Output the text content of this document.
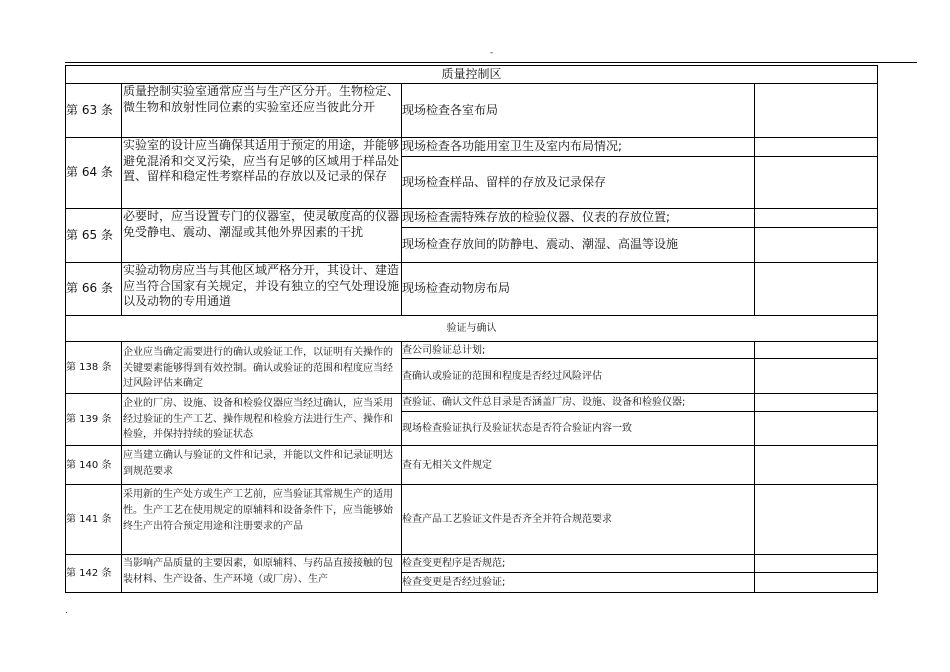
-
质量控制区
第 63 条
质量控制实验室通常应当与生产区分开。生物检定、微生物和放射性同位素的实验室还应当彼此分开	现场检查各室布局
第 64 条
实验室的设计应当确保其适用于预定的用途，并能够避免混淆和交叉污染，应当有足够的区域用于样品处置、留样和稳定性考察样品的存放以及记录的保存
现场检查各功能用室卫生及室内布局情况;
现场检查样品、留样的存放及记录保存
第 65 条
必要时，应当设置专门的仪器室，使灵敏度高的仪器免受静电、震动、潮湿或其他外界因素的干扰
现场检查需特殊存放的检验仪器、仪表的存放位置;
现场检查存放间的防静电、震动、潮湿、高温等设施
第 66 条
实验动物房应当与其他区域严格分开，其设计、建造应当符合国家有关规定，并设有独立的空气处理设施以及动物的专用通道
现场检查动物房布局
验证与确认
第 138 条
企业应当确定需要进行的确认或验证工作，以证明有关操作的关键要素能够得到有效控制。确认或验证的范围和程度应当经过风险评估来确定
查公司验证总计划;
查确认或验证的范围和程度是否经过风险评估
第 139 条
企业的厂房、设施、设备和检验仪器应当经过确认，应当采用经过验证的生产工艺、操作规程和检验方法进行生产、操作和检验，并保持持续的验证状态
查验证、确认文件总目录是否涵盖厂房、设施、设备和检验仪器;
现场检查验证执行及验证状态是否符合验证内容一致
第 140 条
应当建立确认与验证的文件和记录，并能以文件和记录证明达到规范要求
查有无相关文件规定
第 141 条
采用新的生产处方或生产工艺前，应当验证其常规生产的适用性。生产工艺在使用规定的原辅料和设备条件下，应当能够始终生产出符合预定用途和注册要求的产品
检查产品工艺验证文件是否齐全并符合规范要求
第 142 条
当影响产品质量的主要因素，如原辅料、与药品直接接触的包装材料、生产设备、生产环境（或厂房）、生产
检查变更程序是否规范;
检查变更是否经过验证;
.
